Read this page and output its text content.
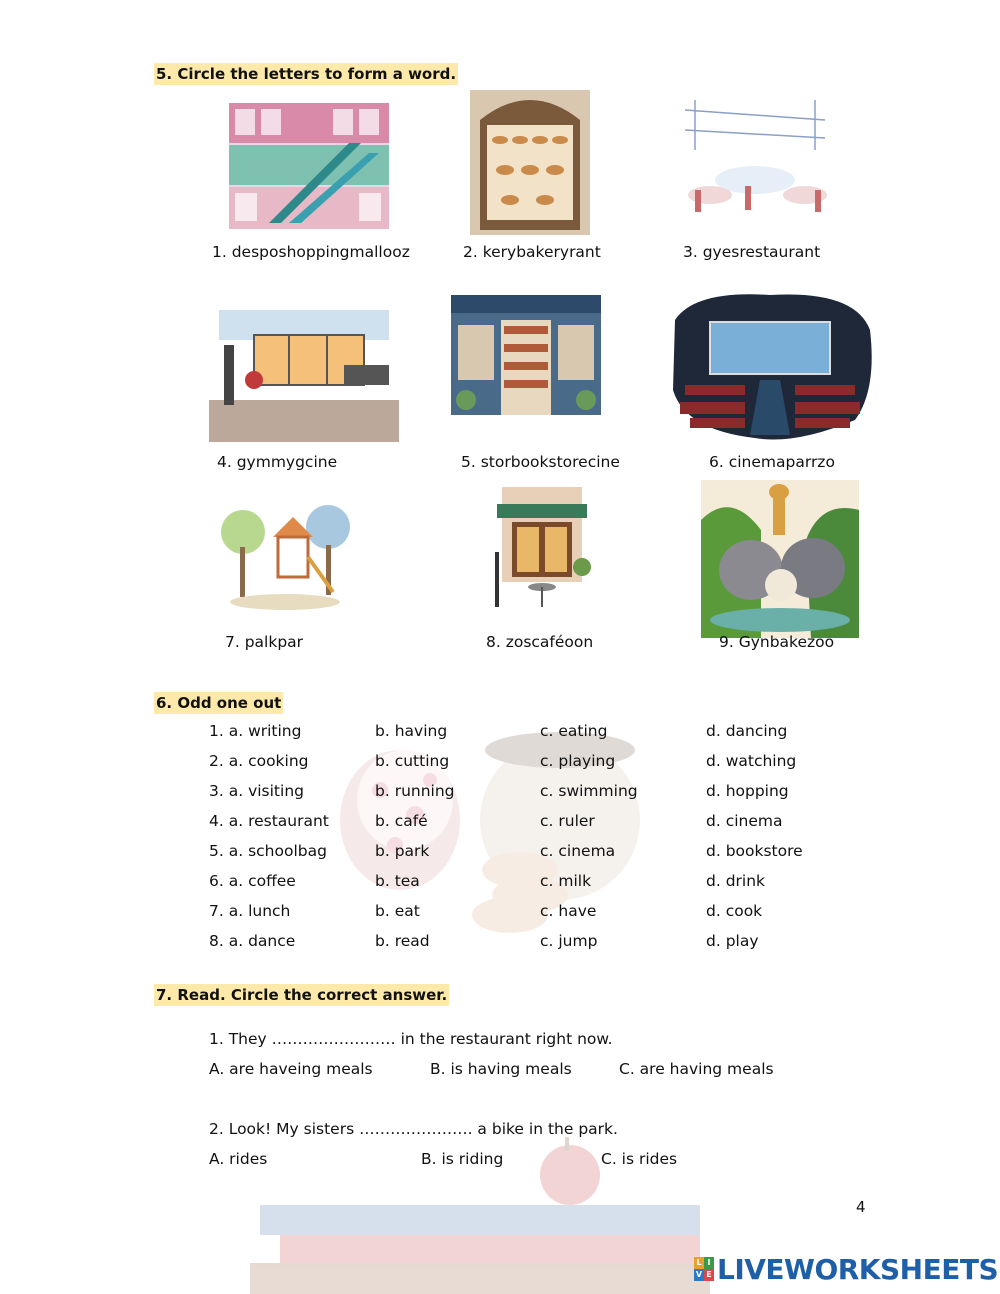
5. Circle the letters to form a word.
1. desposhoppingmallooz	2. kerybakeryrant	3. gyesrestaurant
4. gymmygcine	5. storbookstorecine	6. cinemaparrzo
7. palkpar	8. zoscaféoon	9. Gynbakezoo
6. Odd one out
1. a. writing	b. having	c. eating	d. dancing
2. a. cooking	b. cutting	c. playing	d. watching
3. a. visiting	b. running	c. swimming	d. hopping
4. a. restaurant	b. café	c. ruler	d. cinema
5. a. schoolbag	b. park	c. cinema	d. bookstore
6. a. coffee	b. tea	c. milk	d. drink
7. a. lunch	b. eat	c. have	d. cook
8. a. dance	b. read	c. jump	d. play
7. Read. Circle the correct answer.
1. They …………………… in the restaurant right now.
A. are haveing meals	B. is having meals	C. are having meals
2. Look! My sisters …………………. a bike in the park.
A. rides	B. is riding	C. is rides
4
L I
V E LIVEWORKSHEETS
